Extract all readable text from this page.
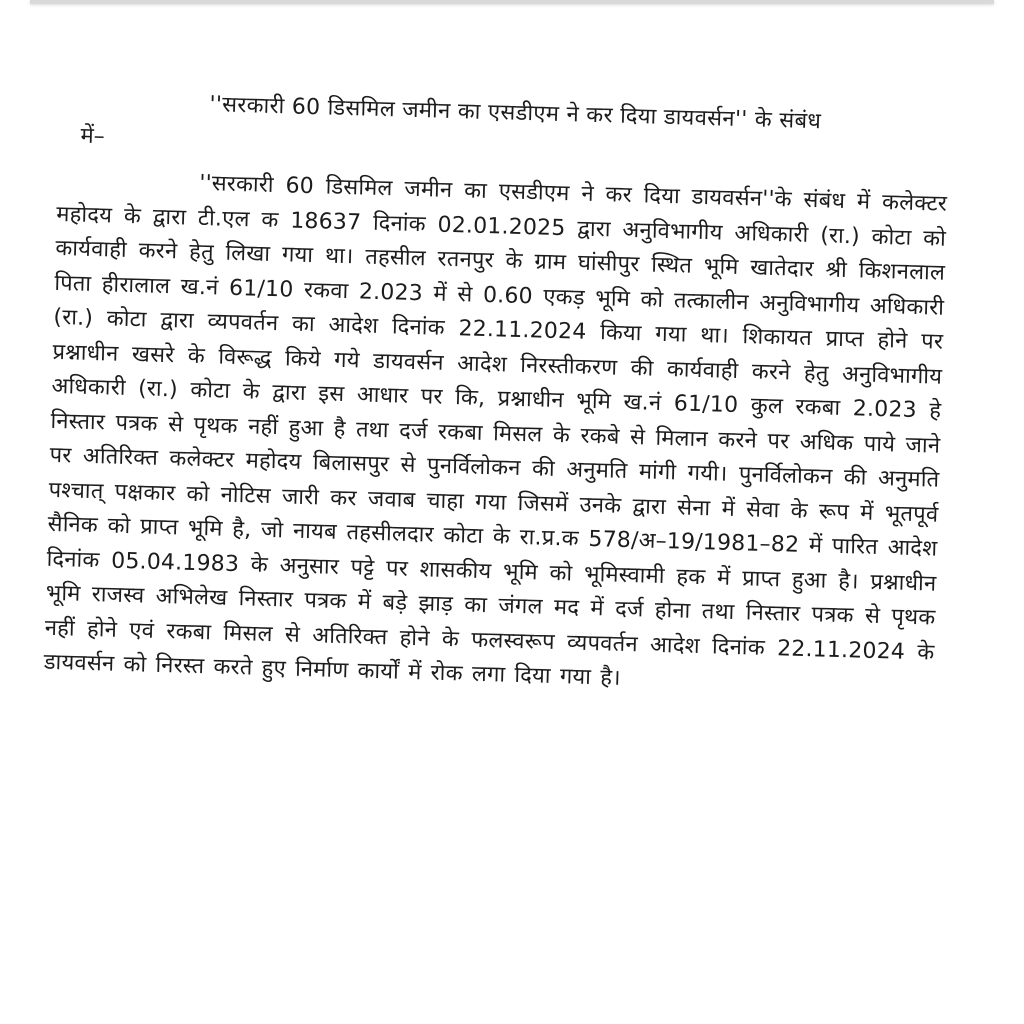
''सरकारी 60 डिसमिल जमीन का एसडीएम ने कर दिया डायवर्सन'' के संबंध
में–

''सरकारी 60 डिसमिल जमीन का एसडीएम ने कर दिया डायवर्सन''के संबंध में कलेक्टर महोदय के द्वारा टी.एल क 18637 दिनांक 02.01.2025 द्वारा अनुविभागीय अधिकारी (रा.) कोटा को कार्यवाही करने हेतु लिखा गया था। तहसील रतनपुर के ग्राम घांसीपुर स्थित भूमि खातेदार श्री किशनलाल पिता हीरालाल ख.नं 61/10 रकवा 2.023 में से 0.60 एकड़ भूमि को तत्कालीन अनुविभागीय अधिकारी (रा.) कोटा द्वारा व्यपवर्तन का आदेश दिनांक 22.11.2024 किया गया था। शिकायत प्राप्त होने पर प्रश्नाधीन खसरे के विरूद्ध किये गये डायवर्सन आदेश निरस्तीकरण की कार्यवाही करने हेतु अनुविभागीय अधिकारी (रा.) कोटा के द्वारा इस आधार पर कि, प्रश्नाधीन भूमि ख.नं 61/10 कुल रकबा 2.023 हे निस्तार पत्रक से पृथक नहीं हुआ है तथा दर्ज रकबा मिसल के रकबे से मिलान करने पर अधिक पाये जाने पर अतिरिक्त कलेक्टर महोदय बिलासपुर से पुनर्विलोकन की अनुमति मांगी गयी। पुनर्विलोकन की अनुमति पश्चात् पक्षकार को नोटिस जारी कर जवाब चाहा गया जिसमें उनके द्वारा सेना में सेवा के रूप में भूतपूर्व सैनिक को प्राप्त भूमि है, जो नायब तहसीलदार कोटा के रा.प्र.क 578/अ–19/1981–82 में पारित आदेश दिनांक 05.04.1983 के अनुसार पट्टे पर शासकीय भूमि को भूमिस्वामी हक में प्राप्त हुआ है। प्रश्नाधीन भूमि राजस्व अभिलेख निस्तार पत्रक में बड़े झाड़ का जंगल मद में दर्ज होना तथा निस्तार पत्रक से पृथक नहीं होने एवं रकबा मिसल से अतिरिक्त होने के फलस्वरूप व्यपवर्तन आदेश दिनांक 22.11.2024 के डायवर्सन को निरस्त करते हुए निर्माण कार्यों में रोक लगा दिया गया है।
